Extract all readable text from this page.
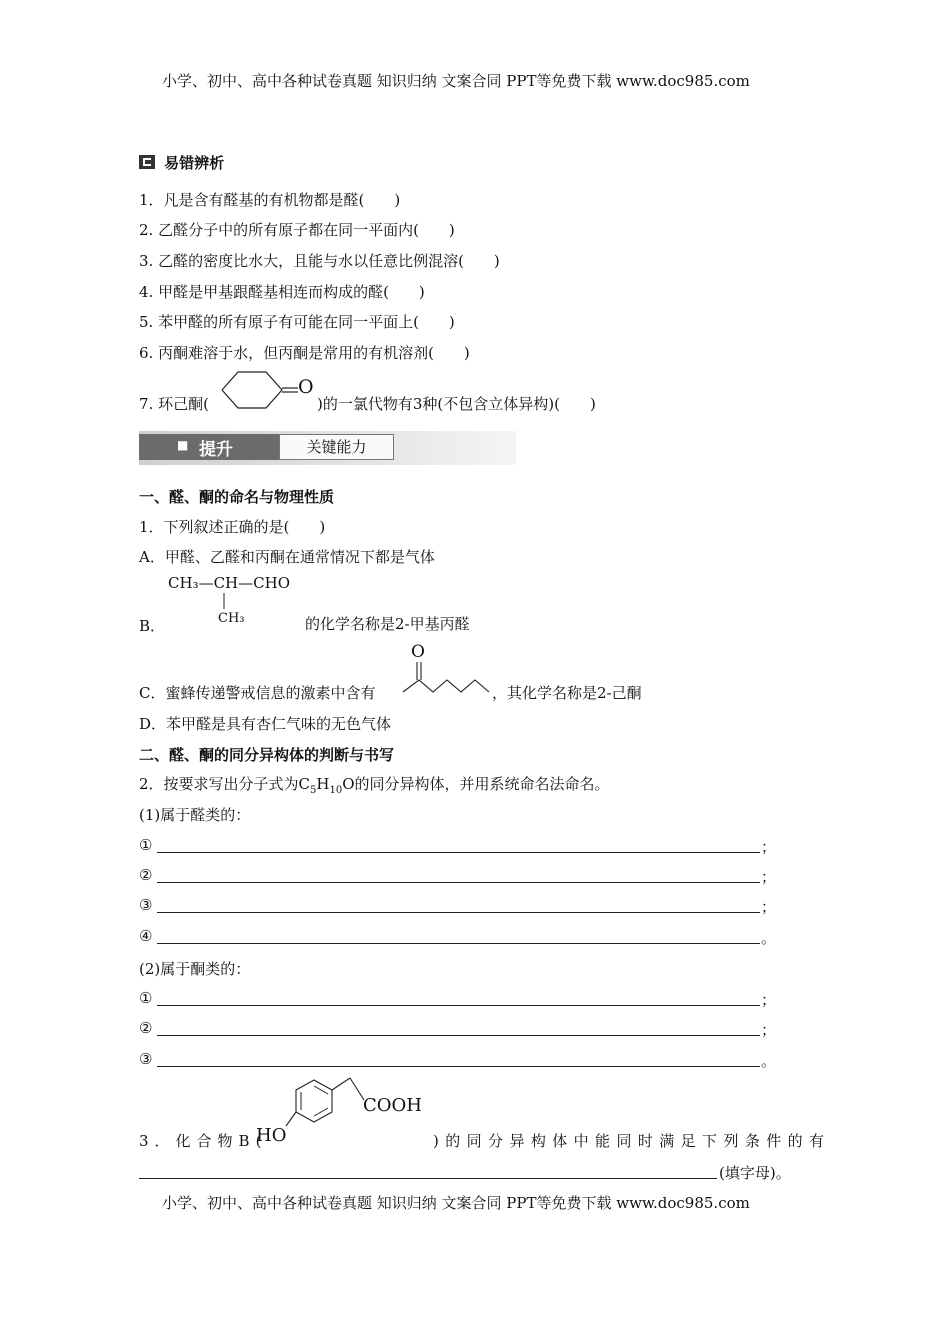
小学、初中、高中各种试卷真题 知识归纳 文案合同 PPT等免费下载 www.doc985.com
易错辨析
1．凡是含有醛基的有机物都是醛(　　)
2. 乙醛分子中的所有原子都在同一平面内(　　)
3. 乙醛的密度比水大，且能与水以任意比例混溶(　　)
4. 甲醛是甲基跟醛基相连而构成的醛(　　)
5. 苯甲醛的所有原子有可能在同一平面上(　　)
6. 丙酮难溶于水，但丙酮是常用的有机溶剂(　　)
7. 环己酮(
O
)的一氯代物有3种(不包含立体异构)(　　)
■ 提升	关键能力
一、醛、酮的命名与物理性质
1．下列叙述正确的是(　　)
A．甲醛、乙醛和丙酮在通常情况下都是气体
CH₃—CH—CHO
CH₃
B．	的化学名称是2-甲基丙醛
O
C．蜜蜂传递警戒信息的激素中含有	，其化学名称是2-己酮
D．苯甲醛是具有杏仁气味的无色气体
二、醛、酮的同分异构体的判断与书写
2．按要求写出分子式为$C_5H_{10}O$的同分异构体，并用系统命名法命名。
(1)属于醛类的：
①	；
②	；
③	；
④	。
(2)属于酮类的：
①	；
②	；
③	。
COOH
3．化合物B(
HO	)的同分异构体中能同时满足下列条件的有
(填字母)。
小学、初中、高中各种试卷真题 知识归纳 文案合同 PPT等免费下载 www.doc985.com
